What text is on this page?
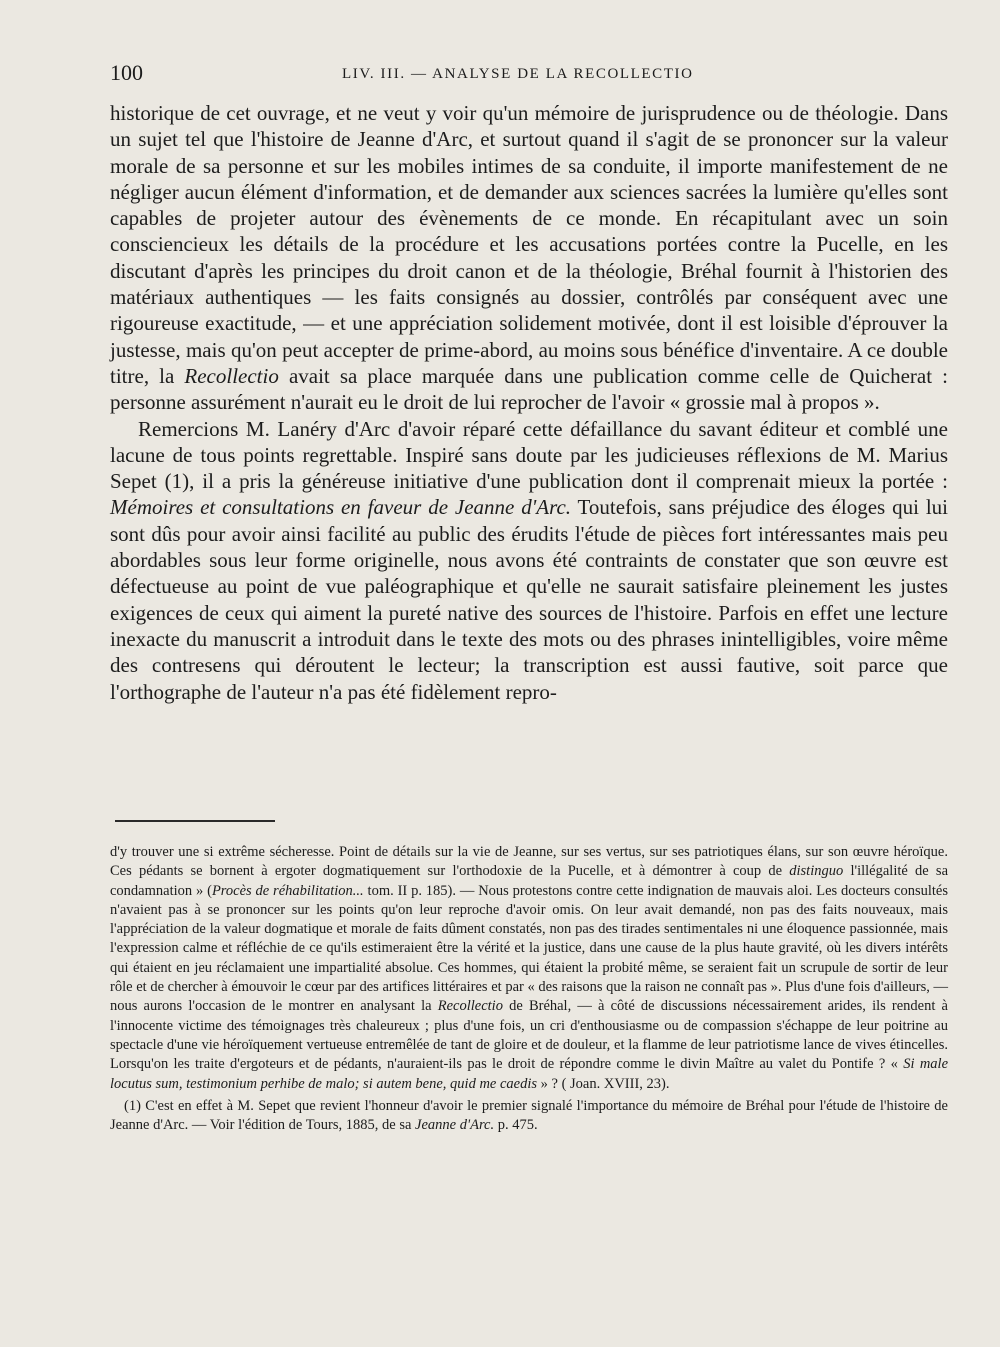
100	LIV. III. — ANALYSE DE LA RECOLLECTIO

historique de cet ouvrage, et ne veut y voir qu'un mémoire de jurisprudence ou de théologie. Dans un sujet tel que l'histoire de Jeanne d'Arc, et surtout quand il s'agit de se prononcer sur la valeur morale de sa personne et sur les mobiles intimes de sa conduite, il importe manifestement de ne négliger aucun élément d'information, et de demander aux sciences sacrées la lumière qu'elles sont capables de projeter autour des évènements de ce monde. En récapitulant avec un soin consciencieux les détails de la procédure et les accusations portées contre la Pucelle, en les discutant d'après les principes du droit canon et de la théologie, Bréhal fournit à l'historien des matériaux authentiques — les faits consignés au dossier, contrôlés par conséquent avec une rigoureuse exactitude, — et une appréciation solidement motivée, dont il est loisible d'éprouver la justesse, mais qu'on peut accepter de prime-abord, au moins sous bénéfice d'inventaire. A ce double titre, la Recollectio avait sa place marquée dans une publication comme celle de Quicherat : personne assurément n'aurait eu le droit de lui reprocher de l'avoir « grossie mal à propos ».

Remercions M. Lanéry d'Arc d'avoir réparé cette défaillance du savant éditeur et comblé une lacune de tous points regrettable. Inspiré sans doute par les judicieuses réflexions de M. Marius Sepet (1), il a pris la généreuse initiative d'une publication dont il comprenait mieux la portée : Mémoires et consultations en faveur de Jeanne d'Arc. Toutefois, sans préjudice des éloges qui lui sont dûs pour avoir ainsi facilité au public des érudits l'étude de pièces fort intéressantes mais peu abordables sous leur forme originelle, nous avons été contraints de constater que son œuvre est défectueuse au point de vue paléographique et qu'elle ne saurait satisfaire pleinement les justes exigences de ceux qui aiment la pureté native des sources de l'histoire. Parfois en effet une lecture inexacte du manuscrit a introduit dans le texte des mots ou des phrases inintelligibles, voire même des contresens qui déroutent le lecteur; la transcription est aussi fautive, soit parce que l'orthographe de l'auteur n'a pas été fidèlement repro-

d'y trouver une si extrême sécheresse. Point de détails sur la vie de Jeanne, sur ses vertus, sur ses patriotiques élans, sur son œuvre héroïque. Ces pédants se bornent à ergoter dogmatiquement sur l'orthodoxie de la Pucelle, et à démontrer à coup de distinguo l'illégalité de sa condamnation » (Procès de réhabilitation... tom. II p. 185). — Nous protestons contre cette indignation de mauvais aloi. Les docteurs consultés n'avaient pas à se prononcer sur les points qu'on leur reproche d'avoir omis. On leur avait demandé, non pas des faits nouveaux, mais l'appréciation de la valeur dogmatique et morale de faits dûment constatés, non pas des tirades sentimentales ni une éloquence passionnée, mais l'expression calme et réfléchie de ce qu'ils estimeraient être la vérité et la justice, dans une cause de la plus haute gravité, où les divers intérêts qui étaient en jeu réclamaient une impartialité absolue. Ces hommes, qui étaient la probité même, se seraient fait un scrupule de sortir de leur rôle et de chercher à émouvoir le cœur par des artifices littéraires et par « des raisons que la raison ne connaît pas ». Plus d'une fois d'ailleurs, — nous aurons l'occasion de le montrer en analysant la Recollectio de Bréhal, — à côté de discussions nécessairement arides, ils rendent à l'innocente victime des témoignages très chaleureux ; plus d'une fois, un cri d'enthousiasme ou de compassion s'échappe de leur poitrine au spectacle d'une vie héroïquement vertueuse entremêlée de tant de gloire et de douleur, et la flamme de leur patriotisme lance de vives étincelles. Lorsqu'on les traite d'ergoteurs et de pédants, n'auraient-ils pas le droit de répondre comme le divin Maître au valet du Pontife ? « Si male locutus sum, testimonium perhibe de malo; si autem bene, quid me caedis » ? ( Joan. XVIII, 23).

(1) C'est en effet à M. Sepet que revient l'honneur d'avoir le premier signalé l'importance du mémoire de Bréhal pour l'étude de l'histoire de Jeanne d'Arc. — Voir l'édition de Tours, 1885, de sa Jeanne d'Arc. p. 475.
